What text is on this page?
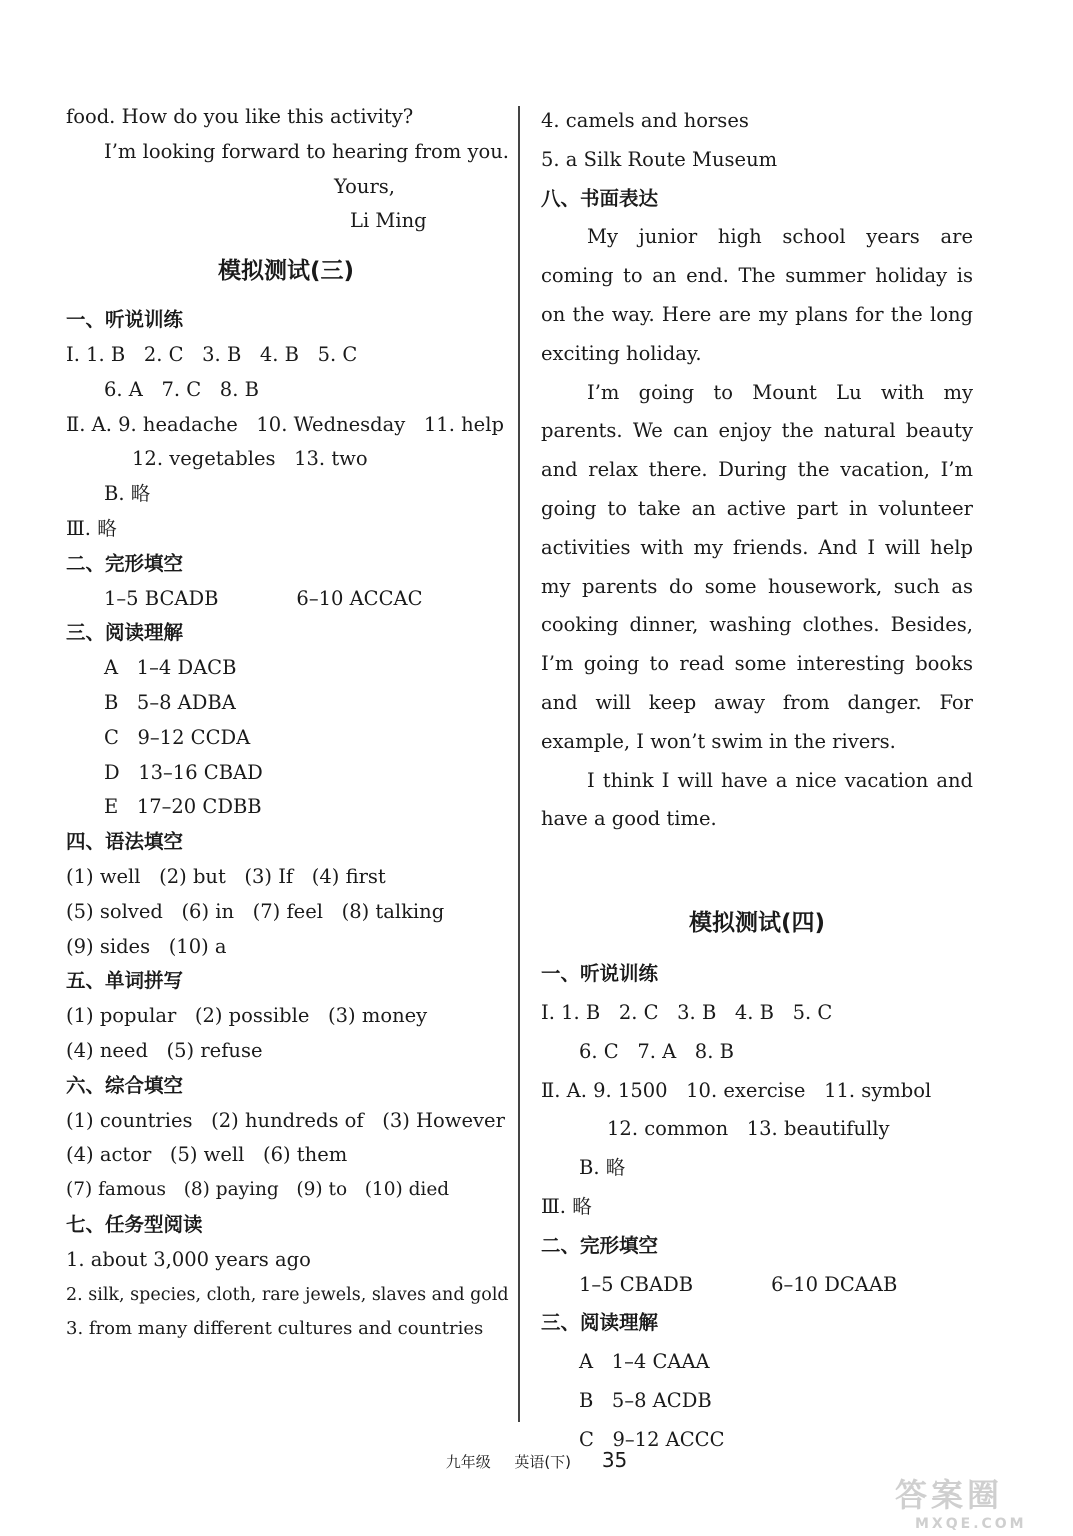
food. How do you like this activity?
I’m looking forward to hearing from you.
Yours,
Li Ming
模拟测试(三)
一、听说训练
Ⅰ. 1. B   2. C   3. B   4. B   5. C
6. A   7. C   8. B
Ⅱ. A. 9. headache   10. Wednesday   11. help
12. vegetables   13. two
B. 略
Ⅲ. 略
二、完形填空
1–5 BCADB	6–10 ACCAC
三、阅读理解
A   1–4 DACB
B   5–8 ADBA
C   9–12 CCDA
D   13–16 CBAD
E   17–20 CDBB
四、语法填空
(1) well   (2) but   (3) If   (4) first
(5) solved   (6) in   (7) feel   (8) talking
(9) sides   (10) a
五、单词拼写
(1) popular   (2) possible   (3) money
(4) need   (5) refuse
六、综合填空
(1) countries   (2) hundreds of   (3) However
(4) actor   (5) well   (6) them
(7) famous   (8) paying   (9) to   (10) died
七、任务型阅读
1. about 3,000 years ago
2. silk, species, cloth, rare jewels, slaves and gold
3. from many different cultures and countries
4. camels and horses
5. a Silk Route Museum
八、书面表达

My junior high school years are coming to an end. The summer holiday is on the way. Here are my plans for the long exciting holiday.

I’m going to Mount Lu with my parents. We can enjoy the natural beauty and relax there. During the vacation, I’m going to take an active part in volunteer activities with my friends. And I will help my parents do some housework, such as cooking dinner, washing clothes. Besides, I’m going to read some interesting books and will keep away from danger. For example, I won’t swim in the rivers.

I think I will have a nice vacation and have a good time.

模拟测试(四)
一、听说训练
Ⅰ. 1. B   2. C   3. B   4. B   5. C
6. C   7. A   8. B
Ⅱ. A. 9. 1500   10. exercise   11. symbol
12. common   13. beautifully
B. 略
Ⅲ. 略
二、完形填空
1–5 CBADB	6–10 DCAAB
三、阅读理解
A   1–4 CAAA
B   5–8 ACDB
C   9–12 ACCC
九年级 英语(下) 35
答案圈
MXQE.COM
